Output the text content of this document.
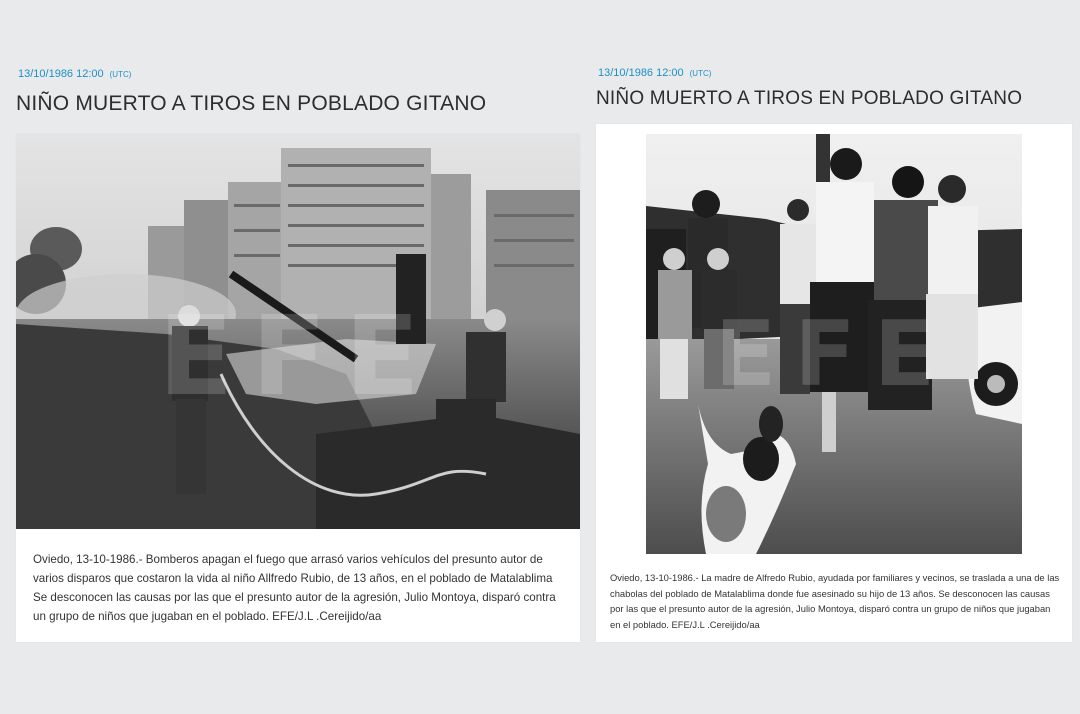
13/10/1986 12:00 (UTC)
NIÑO MUERTO A TIROS EN POBLADO GITANO

Oviedo, 13-10-1986.- Bomberos apagan el fuego que arrasó varios vehículos del presunto autor de varios disparos que costaron la vida al niño Allfredo Rubio, de 13 años, en el poblado de Matalablima Se desconocen las causas por las que el presunto autor de la agresión, Julio Montoya, disparó contra un grupo de niños que jugaban en el poblado. EFE/J.L .Cereijido/aa

13/10/1986 12:00 (UTC)
NIÑO MUERTO A TIROS EN POBLADO GITANO

Oviedo, 13-10-1986.- La madre de Alfredo Rubio, ayudada por familiares y vecinos, se traslada a una de las chabolas del poblado de Matalablima donde fue asesinado su hijo de 13 años. Se desconocen las causas por las que el presunto autor de la agresión, Julio Montoya, disparó contra un grupo de niños que jugaban en el poblado. EFE/J.L .Cereijido/aa
